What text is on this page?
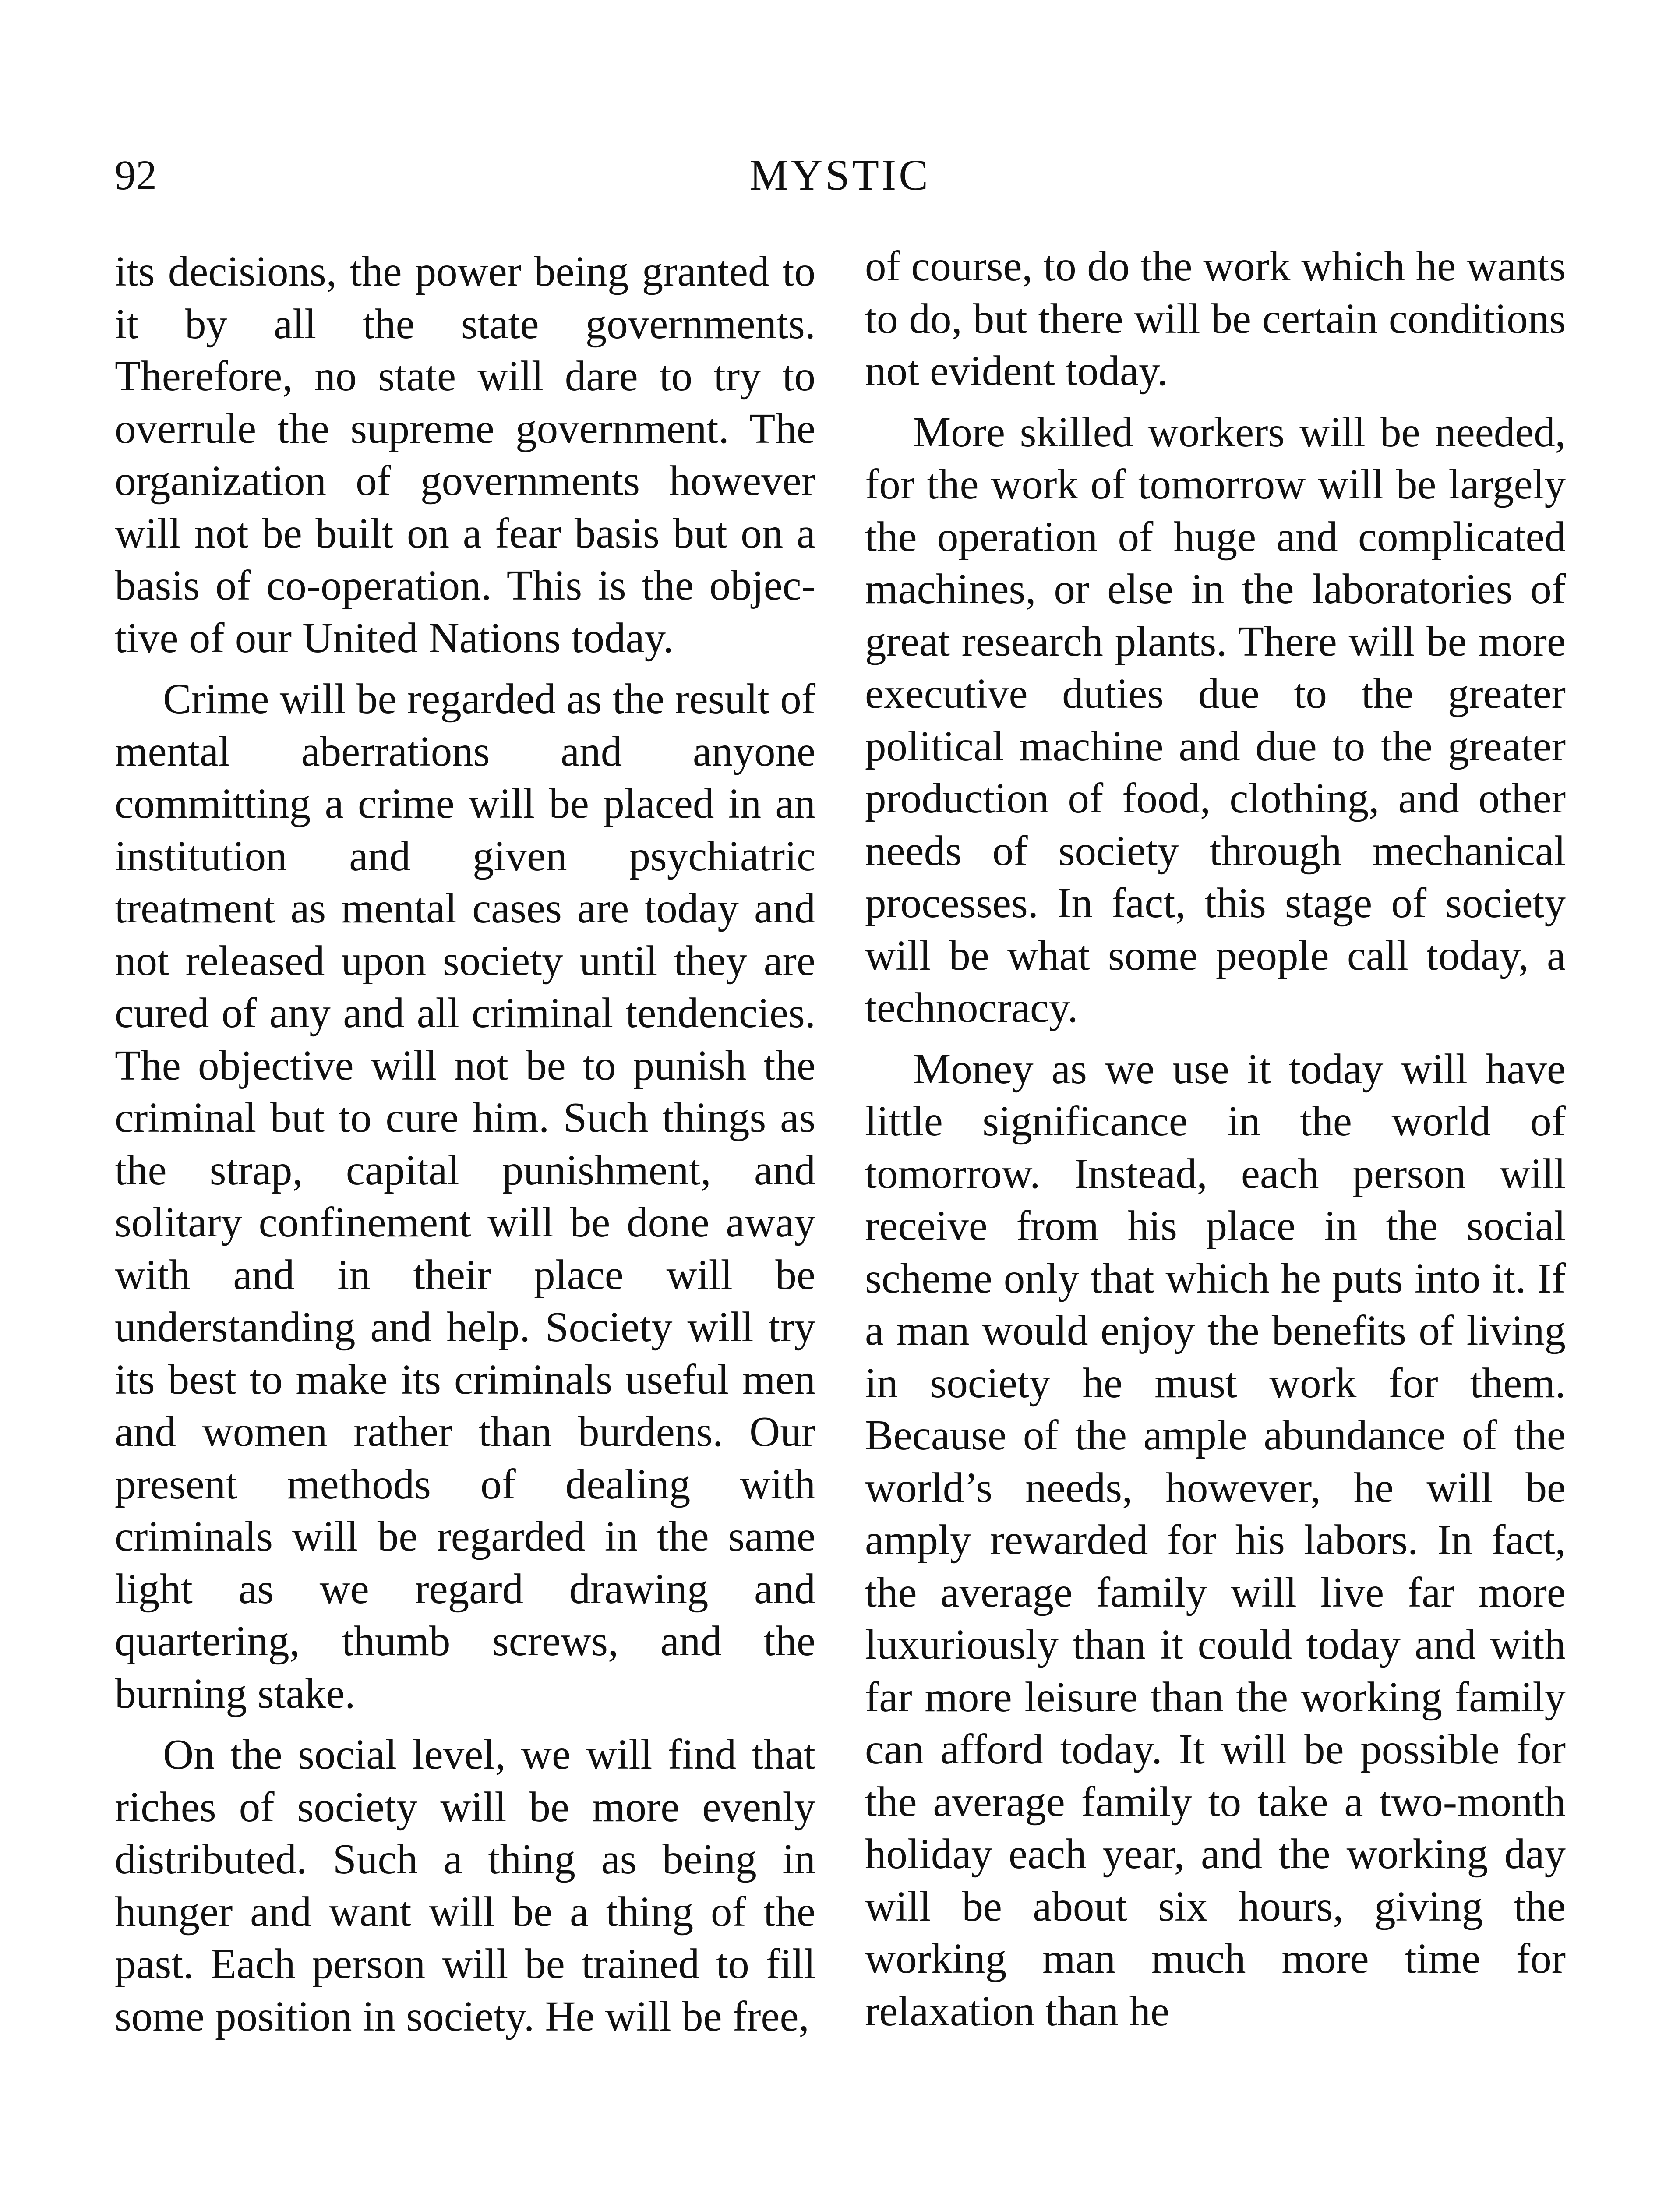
92	MYSTIC

its decisions, the power being granted to it by all the state governments. Therefore, no state will dare to try to overrule the supreme government. The organization of governments however will not be built on a fear basis but on a basis of co-operation. This is the objective of our United Nations today.

Crime will be regarded as the result of mental aberrations and anyone committing a crime will be placed in an institution and given psychiatric treatment as mental cases are today and not released upon society until they are cured of any and all criminal tendencies. The objective will not be to punish the criminal but to cure him. Such things as the strap, capital punishment, and solitary confinement will be done away with and in their place will be understanding and help. Society will try its best to make its criminals useful men and women rather than burdens. Our present methods of dealing with criminals will be regarded in the same light as we regard drawing and quartering, thumb screws, and the burning stake.

On the social level, we will find that riches of society will be more evenly distributed. Such a thing as being in hunger and want will be a thing of the past. Each person will be trained to fill some position in society. He will be free,

of course, to do the work which he wants to do, but there will be certain conditions not evident today.

More skilled workers will be needed, for the work of tomorrow will be largely the operation of huge and complicated machines, or else in the laboratories of great research plants. There will be more executive duties due to the greater political machine and due to the greater production of food, clothing, and other needs of society through mechanical processes. In fact, this stage of society will be what some people call today, a technocracy.

Money as we use it today will have little significance in the world of tomorrow. Instead, each person will receive from his place in the social scheme only that which he puts into it. If a man would enjoy the benefits of living in society he must work for them. Because of the ample abundance of the world’s needs, however, he will be amply rewarded for his labors. In fact, the average family will live far more luxuriously than it could today and with far more leisure than the working family can afford today. It will be possible for the average family to take a two-month holiday each year, and the working day will be about six hours, giving the working man much more time for relaxation than he
